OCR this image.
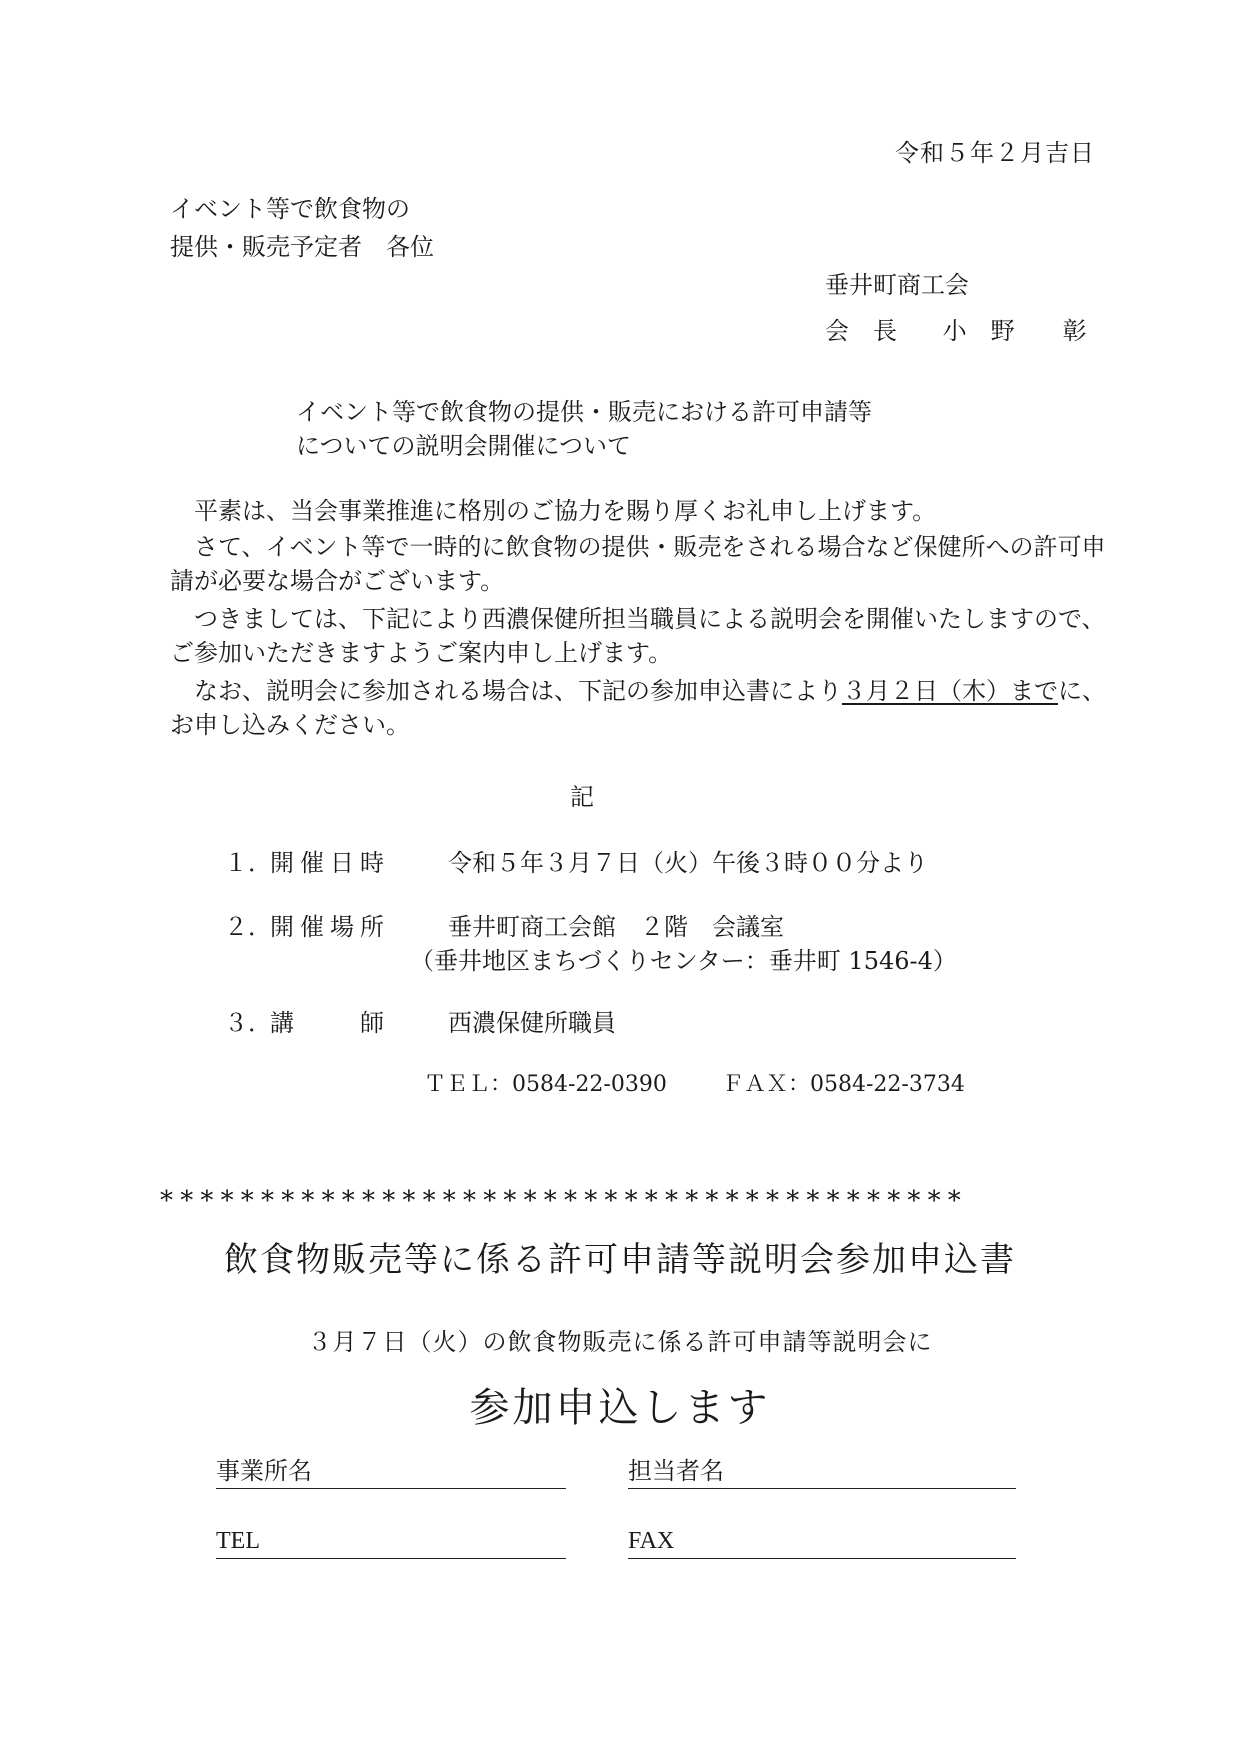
令和５年２月吉日
イベント等で飲食物の
提供・販売予定者　各位
垂井町商工会
会　長 小　野　　彰
イベント等で飲食物の提供・販売における許可申請等
についての説明会開催について
平素は、当会事業推進に格別のご協力を賜り厚くお礼申し上げます。
さて、イベント等で一時的に飲食物の提供・販売をされる場合など保健所への許可申請が必要な場合がございます。
つきましては、下記により西濃保健所担当職員による説明会を開催いたしますので、ご参加いただきますようご案内申し上げます。
なお、説明会に参加される場合は、下記の参加申込書により３月２日（木）までに、お申し込みください。
記
１．開催日時 令和５年３月７日（火）午後３時００分より
２．開催場所 垂井町商工会館　２階　会議室
（垂井地区まちづくりセンター：垂井町 1546-4）
３．講　　師 西濃保健所職員
ＴＥＬ：0584-22-0390	ＦＡＸ：0584-22-3734
****************************************
飲食物販売等に係る許可申請等説明会参加申込書
３月７日（火）の飲食物販売に係る許可申請等説明会に
参加申込します
事業所名	担当者名
TEL	FAX
